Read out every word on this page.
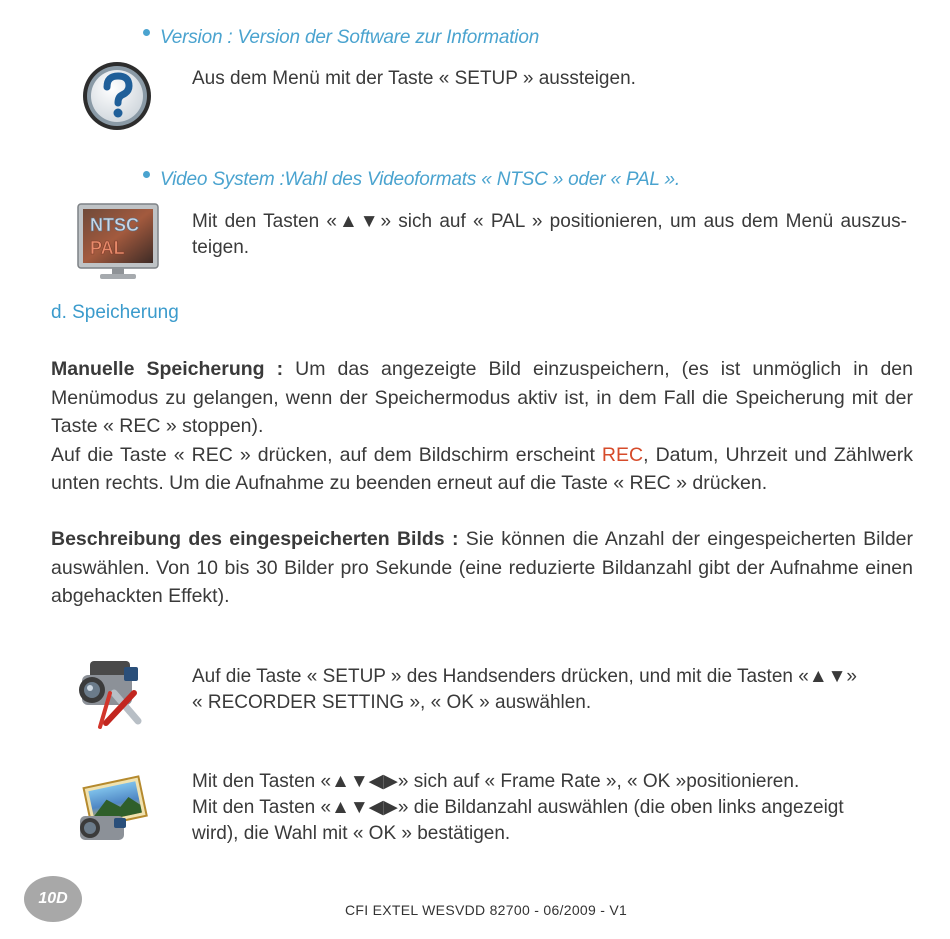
Version : Version der Software zur Information
Aus dem Menü mit der Taste « SETUP » aussteigen.
Video System :Wahl des Videoformats « NTSC » oder « PAL ».
NTSC
PAL
Mit den Tasten «▲▼» sich auf « PAL » positionieren, um aus dem Menü auszus-teigen.
d. Speicherung
Manuelle Speicherung : Um das angezeigte Bild einzuspeichern, (es ist unmöglich in den Menümodus zu gelangen, wenn der Speichermodus aktiv ist, in dem Fall die Speicherung mit der Taste « REC » stoppen).
Auf die Taste « REC » drücken, auf dem Bildschirm erscheint REC, Datum, Uhrzeit und Zählwerk unten rechts. Um die Aufnahme zu beenden erneut auf die Taste « REC » drücken.
Beschreibung des eingespeicherten Bilds : Sie können die Anzahl der eingespeicherten Bilder auswählen. Von 10 bis 30 Bilder pro Sekunde (eine reduzierte Bildanzahl gibt der Aufnahme einen abgehackten Effekt).
Auf die Taste « SETUP » des Handsenders drücken, und mit die Tasten «▲▼»
« RECORDER SETTING », « OK » auswählen.
Mit den Tasten «▲▼◀▶» sich auf « Frame Rate », « OK »positionieren.
Mit den Tasten «▲▼◀▶» die Bildanzahl auswählen (die oben links angezeigt
wird), die Wahl mit « OK » bestätigen.
10D
CFI EXTEL WESVDD 82700 - 06/2009 - V1
